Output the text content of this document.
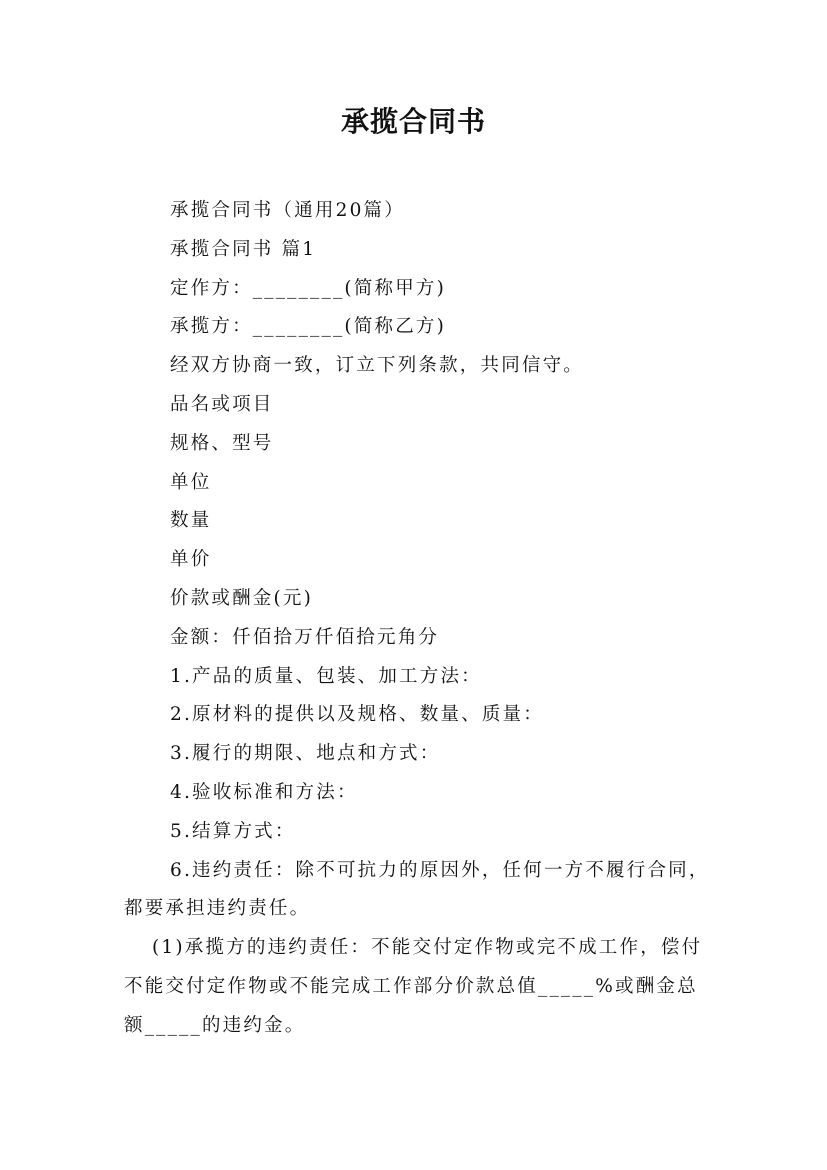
承揽合同书

承揽合同书（通用20篇）

承揽合同书 篇1

定作方：________(简称甲方)

承揽方：________(简称乙方)

经双方协商一致，订立下列条款，共同信守。

品名或项目

规格、型号

单位

数量

单价

价款或酬金(元)

金额：仟佰拾万仟佰拾元角分

1.产品的质量、包装、加工方法：

2.原材料的提供以及规格、数量、质量：

3.履行的期限、地点和方式：

4.验收标准和方法：

5.结算方式：

6.违约责任：除不可抗力的原因外，任何一方不履行合同，都要承担违约责任。

(1)承揽方的违约责任：不能交付定作物或完不成工作，偿付不能交付定作物或不能完成工作部分价款总值_____%或酬金总额_____的违约金。
